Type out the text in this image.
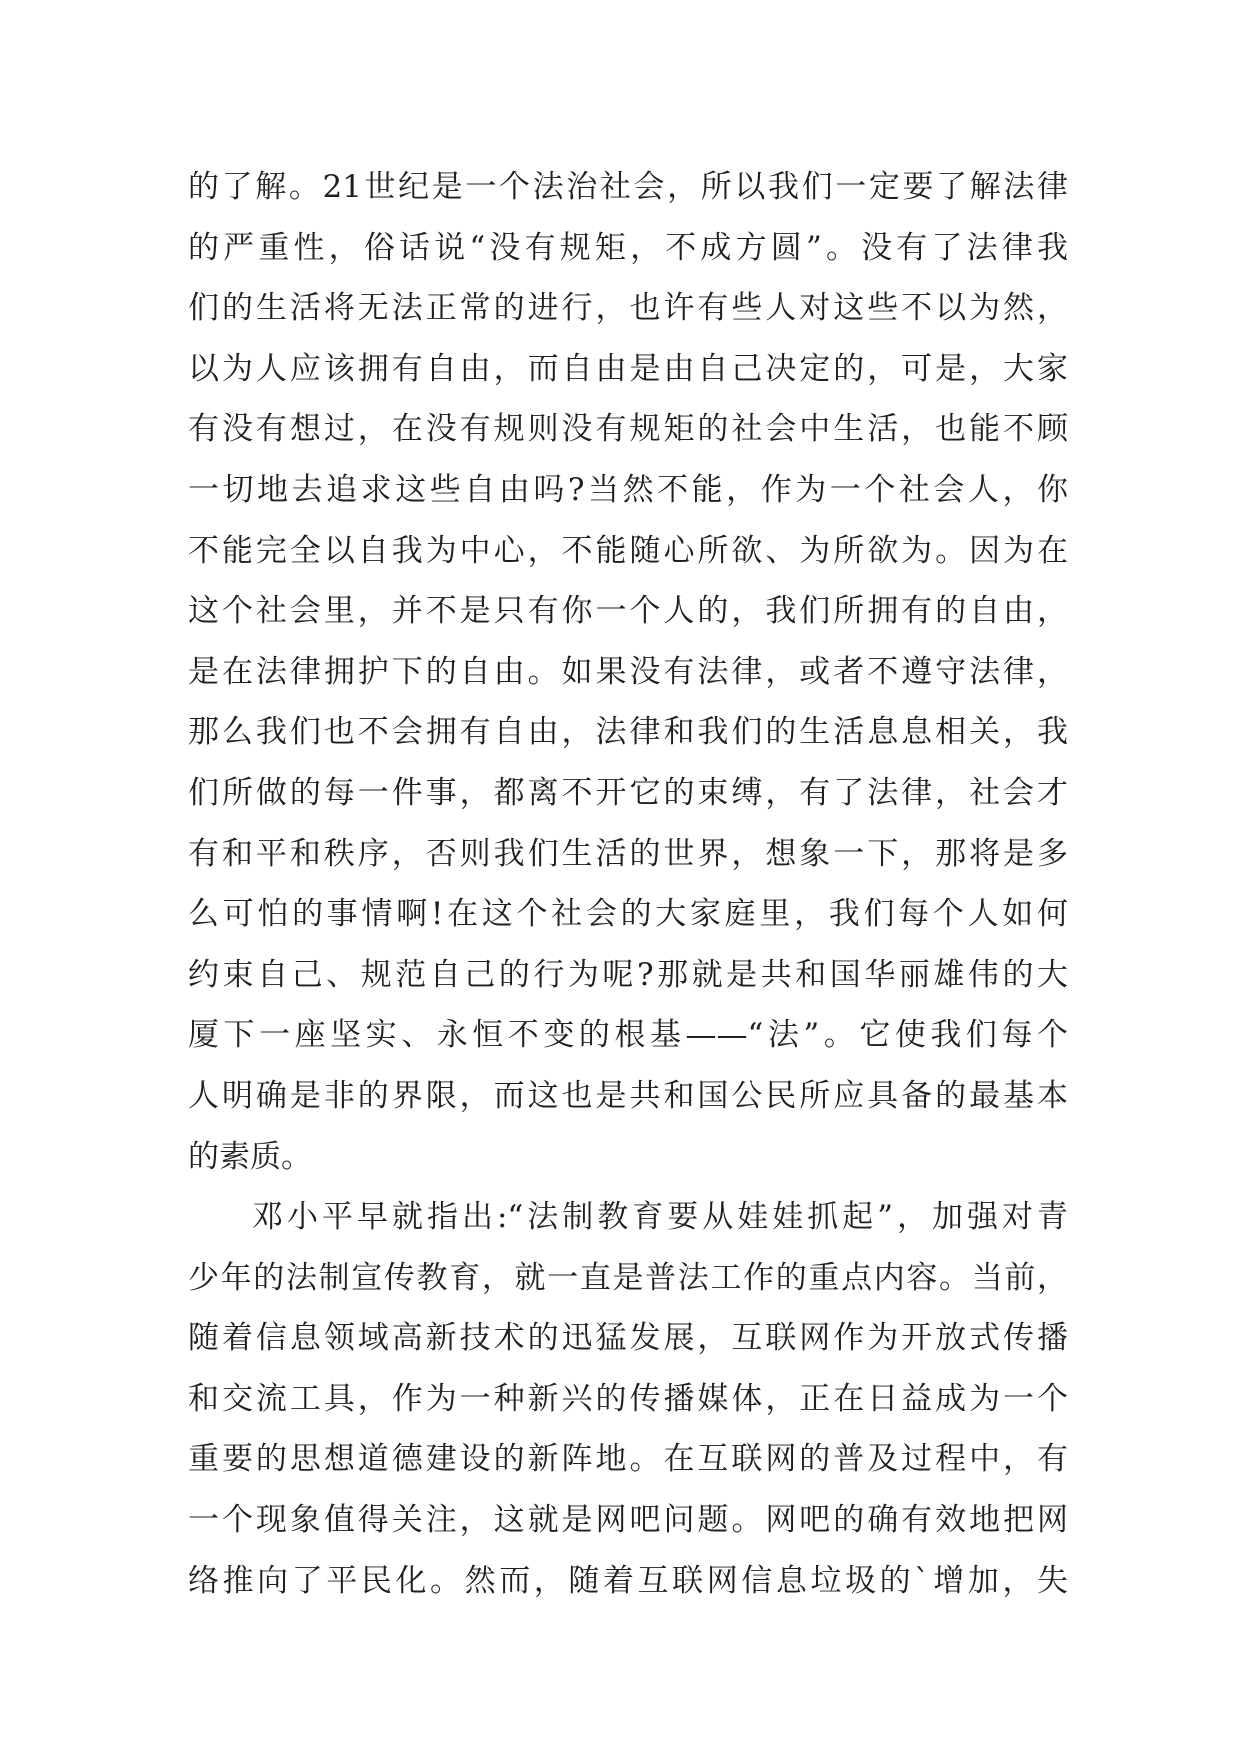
的了解。21世纪是一个法治社会，所以我们一定要了解法律
的严重性，俗话说“没有规矩，不成方圆”。没有了法律我
们的生活将无法正常的进行，也许有些人对这些不以为然，
以为人应该拥有自由，而自由是由自己决定的，可是，大家
有没有想过，在没有规则没有规矩的社会中生活，也能不顾
一切地去追求这些自由吗?当然不能，作为一个社会人，你
不能完全以自我为中心，不能随心所欲、为所欲为。因为在
这个社会里，并不是只有你一个人的，我们所拥有的自由，
是在法律拥护下的自由。如果没有法律，或者不遵守法律，
那么我们也不会拥有自由，法律和我们的生活息息相关，我
们所做的每一件事，都离不开它的束缚，有了法律，社会才
有和平和秩序，否则我们生活的世界，想象一下，那将是多
么可怕的事情啊!在这个社会的大家庭里，我们每个人如何
约束自己、规范自己的行为呢?那就是共和国华丽雄伟的大
厦下一座坚实、永恒不变的根基——“法”。它使我们每个
人明确是非的界限，而这也是共和国公民所应具备的最基本
的素质。
邓小平早就指出:“法制教育要从娃娃抓起”，加强对青
少年的法制宣传教育，就一直是普法工作的重点内容。当前，
随着信息领域高新技术的迅猛发展，互联网作为开放式传播
和交流工具，作为一种新兴的传播媒体，正在日益成为一个
重要的思想道德建设的新阵地。在互联网的普及过程中，有
一个现象值得关注，这就是网吧问题。网吧的确有效地把网
络推向了平民化。然而，随着互联网信息垃圾的`增加，失
